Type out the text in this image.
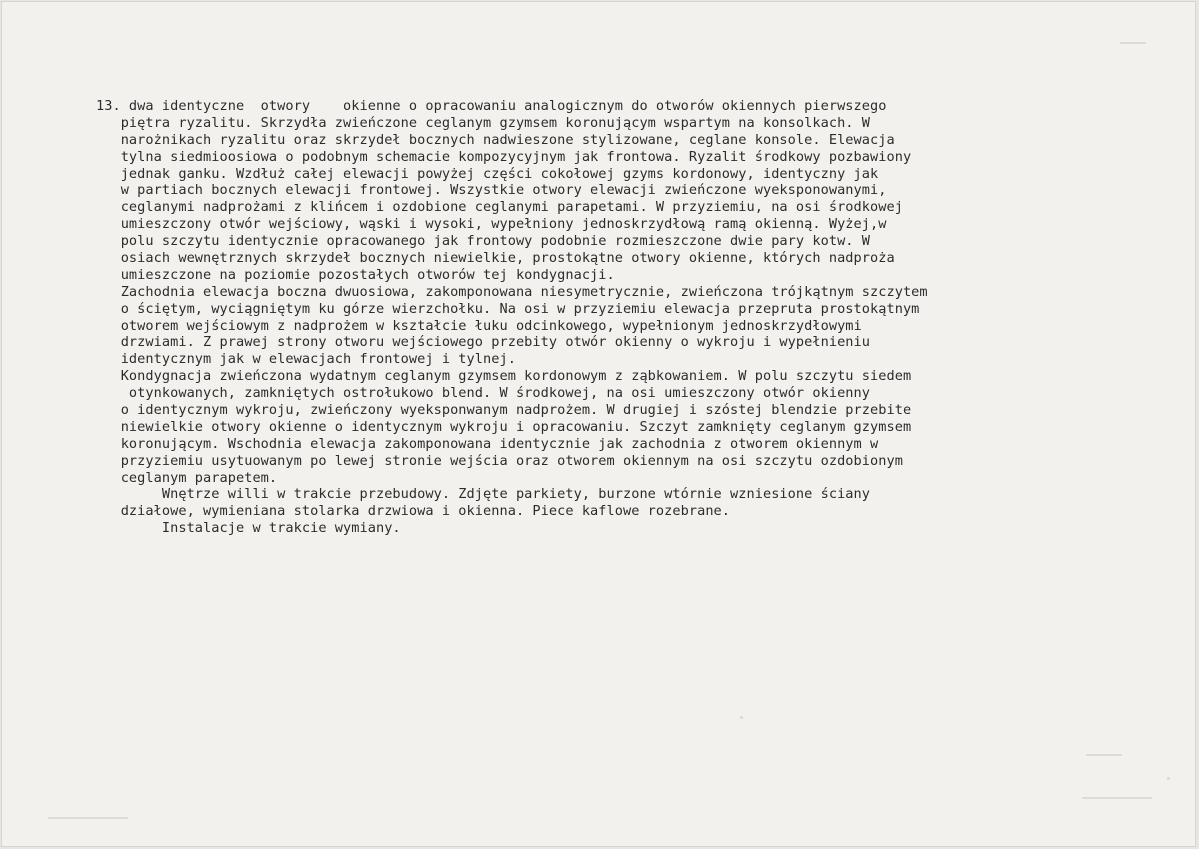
13. dwa identyczne  otwory    okienne o opracowaniu analogicznym do otworów okiennych pierwszego
piętra ryzalitu. Skrzydła zwieńczone ceglanym gzymsem koronującym wspartym na konsolkach. W
narożnikach ryzalitu oraz skrzydeł bocznych nadwieszone stylizowane, ceglane konsole. Elewacja
tylna siedmioosiowa o podobnym schemacie kompozycyjnym jak frontowa. Ryzalit środkowy pozbawiony
jednak ganku. Wzdłuż całej elewacji powyżej części cokołowej gzyms kordonowy, identyczny jak
w partiach bocznych elewacji frontowej. Wszystkie otwory elewacji zwieńczone wyeksponowanymi,
ceglanymi nadprożami z klińcem i ozdobione ceglanymi parapetami. W przyziemiu, na osi środkowej
umieszczony otwór wejściowy, wąski i wysoki, wypełniony jednoskrzydłową ramą okienną. Wyżej,w
polu szczytu identycznie opracowanego jak frontowy podobnie rozmieszczone dwie pary kotw. W
osiach wewnętrznych skrzydeł bocznych niewielkie, prostokątne otwory okienne, których nadproża
umieszczone na poziomie pozostałych otworów tej kondygnacji.
Zachodnia elewacja boczna dwuosiowa, zakomponowana niesymetrycznie, zwieńczona trójkątnym szczytem
o ściętym, wyciągniętym ku górze wierzchołku. Na osi w przyziemiu elewacja przeprutа prostokątnym
otworem wejściowym z nadprożem w kształcie łuku odcinkowego, wypełnionym jednoskrzydłowymi
drzwiami. Z prawej strony otworu wejściowego przebity otwór okienny o wykroju i wypełnieniu
identycznym jak w elewacjach frontowej i tylnej.
Kondygnacja zwieńczona wydatnym ceglanym gzymsem kordonowym z ząbkowaniem. W polu szczytu siedem
otynkowanych, zamkniętych ostrołukowo blend. W środkowej, na osi umieszczony otwór okienny
o identycznym wykroju, zwieńczony wyeksponwanym nadprożem. W drugiej i szóstej blendzie przebite
niewielkie otwory okienne o identycznym wykroju i opracowaniu. Szczyt zamknięty ceglanym gzymsem
koronującym. Wschodnia elewacja zakomponowana identycznie jak zachodnia z otworem okiennym w
przyziemiu usytuowanym po lewej stronie wejścia oraz otworem okiennym na osi szczytu ozdobionym
ceglanym parapetem.
Wnętrze willi w trakcie przebudowy. Zdjęte parkiety, burzone wtórnie wzniesione ściany
działowe, wymieniana stolarka drzwiowa i okienna. Piece kaflowe rozebrane.
Instalacje w trakcie wymiany.
